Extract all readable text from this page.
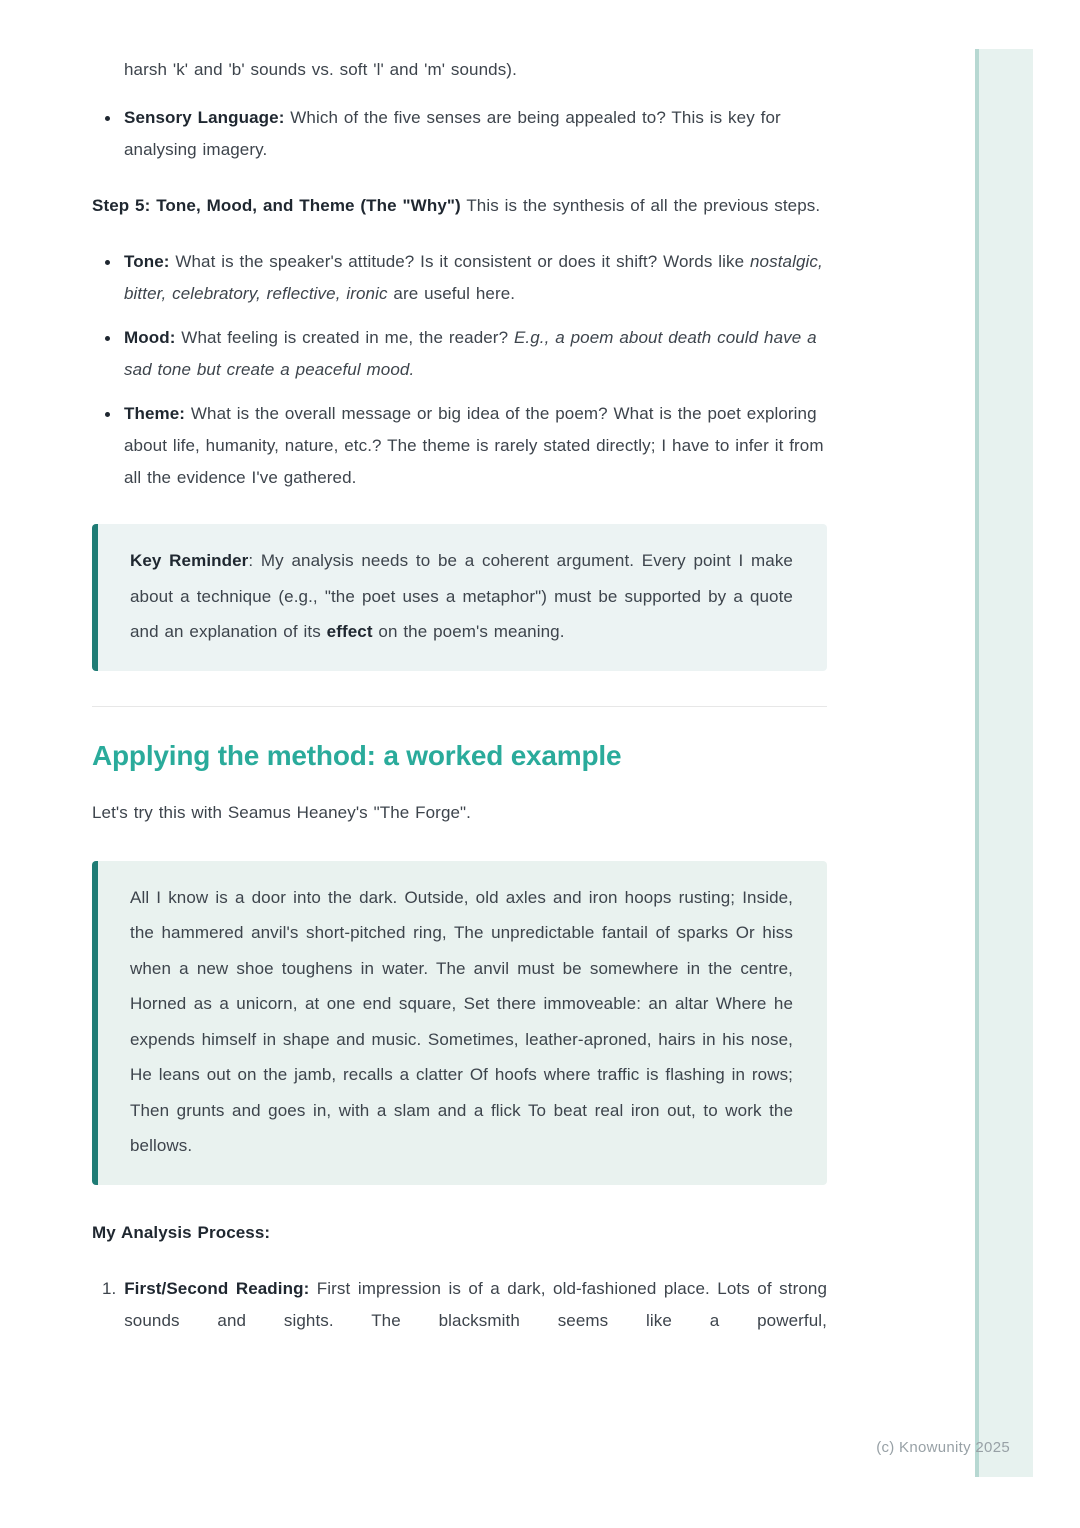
harsh 'k' and 'b' sounds vs. soft 'l' and 'm' sounds).

Sensory Language: Which of the five senses are being appealed to? This is key for analysing imagery.

Step 5: Tone, Mood, and Theme (The "Why") This is the synthesis of all the previous steps.

Tone: What is the speaker's attitude? Is it consistent or does it shift? Words like nostalgic, bitter, celebratory, reflective, ironic are useful here.

Mood: What feeling is created in me, the reader? E.g., a poem about death could have a sad tone but create a peaceful mood.

Theme: What is the overall message or big idea of the poem? What is the poet exploring about life, humanity, nature, etc.? The theme is rarely stated directly; I have to infer it from all the evidence I've gathered.

Key Reminder: My analysis needs to be a coherent argument. Every point I make about a technique (e.g., "the poet uses a metaphor") must be supported by a quote and an explanation of its effect on the poem's meaning.

Applying the method: a worked example

Let's try this with Seamus Heaney's "The Forge".

All I know is a door into the dark. Outside, old axles and iron hoops rusting; Inside, the hammered anvil's short-pitched ring, The unpredictable fantail of sparks Or hiss when a new shoe toughens in water. The anvil must be somewhere in the centre, Horned as a unicorn, at one end square, Set there immoveable: an altar Where he expends himself in shape and music. Sometimes, leather-aproned, hairs in his nose, He leans out on the jamb, recalls a clatter Of hoofs where traffic is flashing in rows; Then grunts and goes in, with a slam and a flick To beat real iron out, to work the bellows.

My Analysis Process:

1. First/Second Reading: First impression is of a dark, old-fashioned place. Lots of strong sounds and sights. The blacksmith seems like a powerful,

(c) Knowunity 2025
